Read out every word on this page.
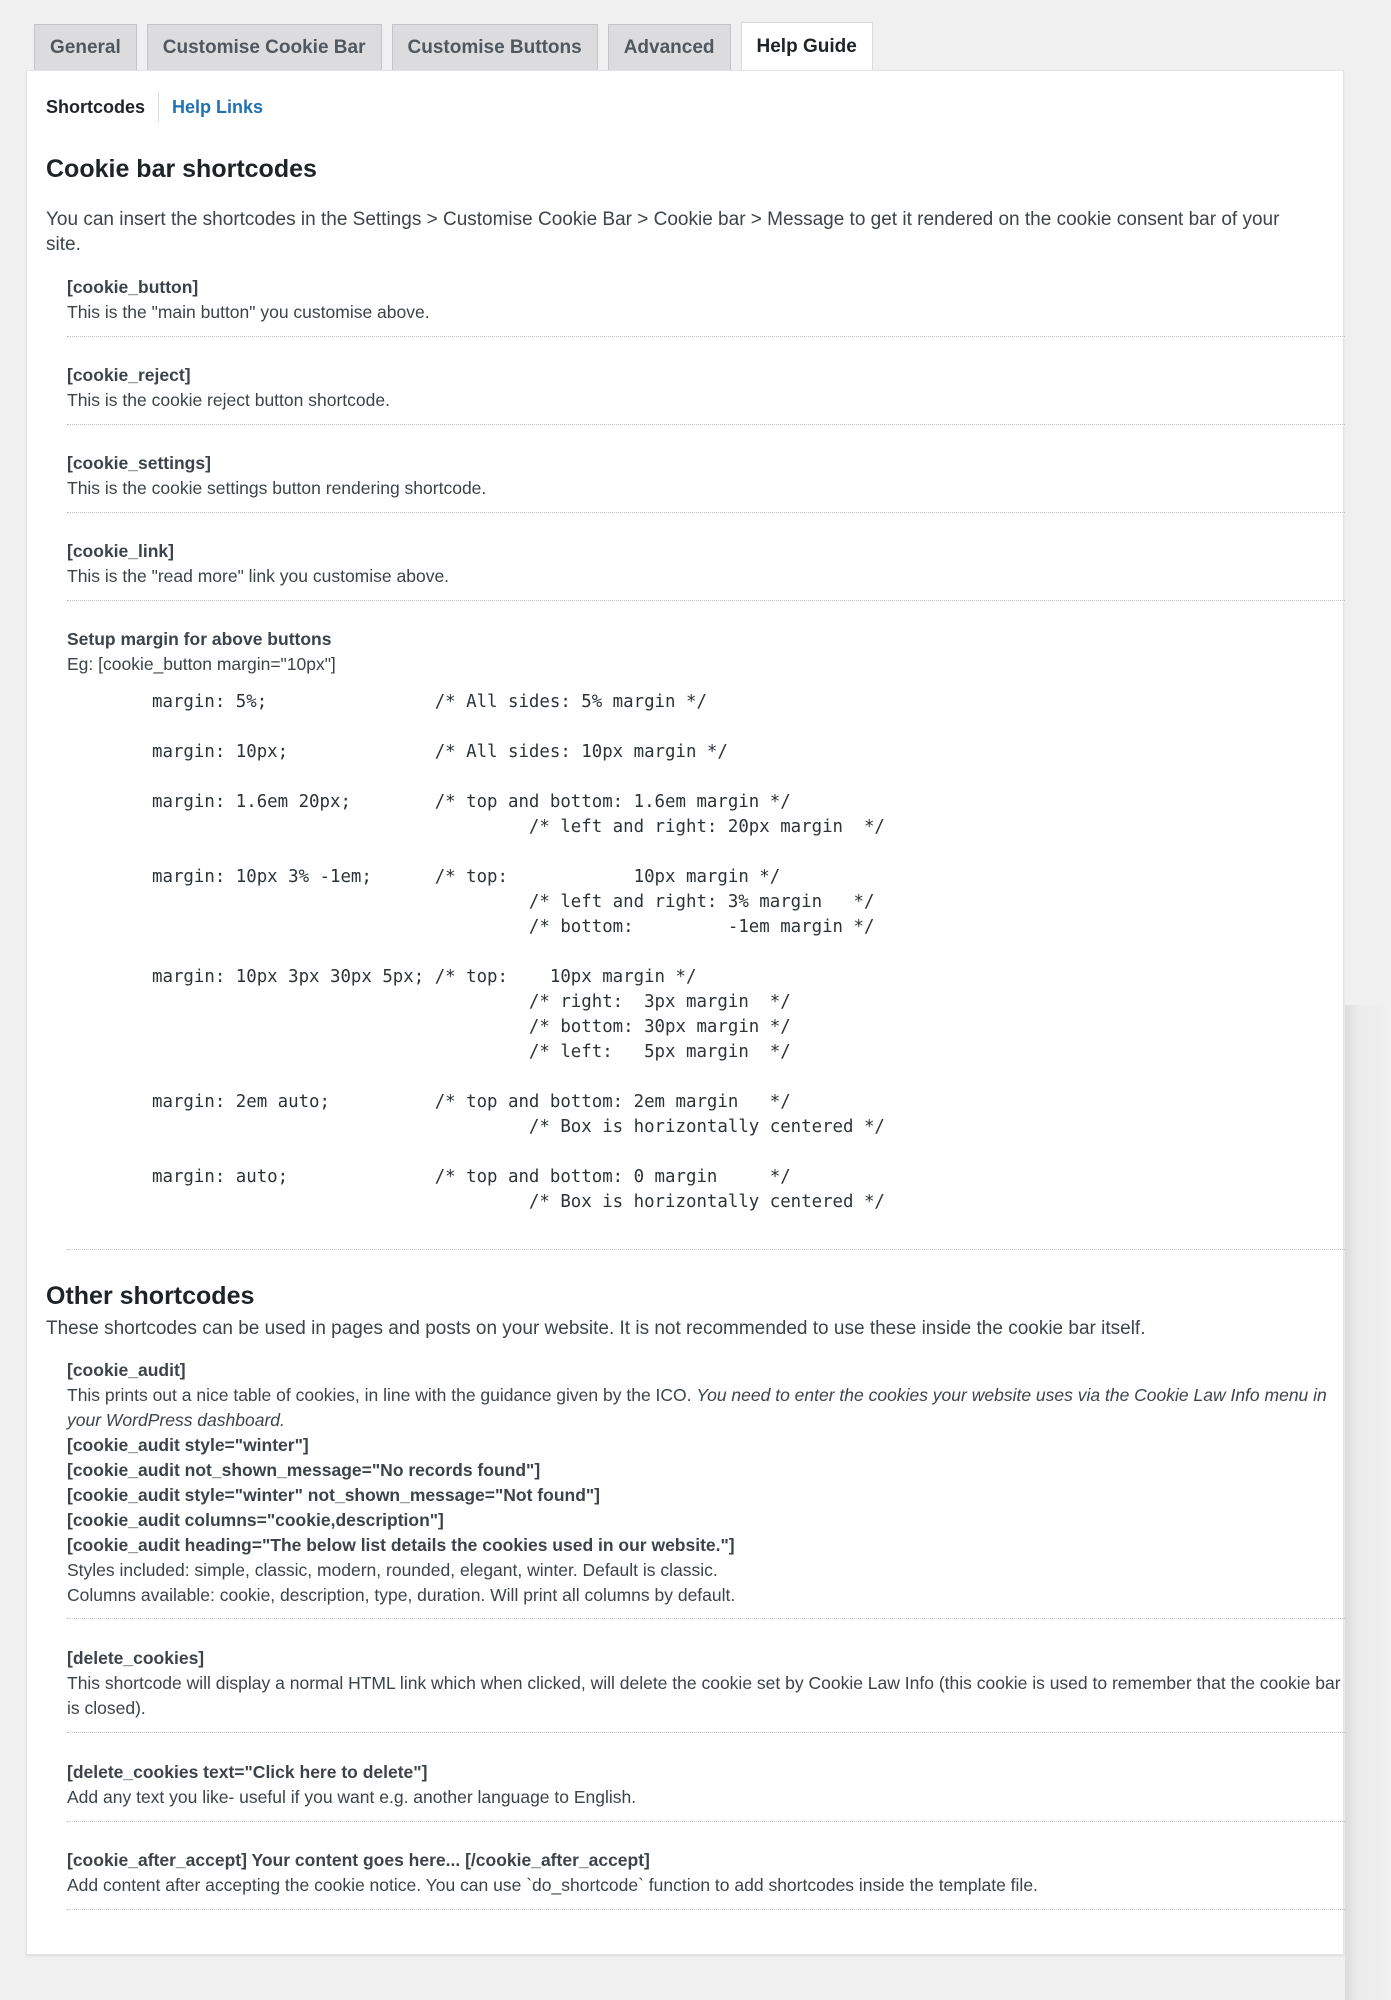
General	Customise Cookie Bar	Customise Buttons	Advanced	Help Guide
Shortcodes	Help Links
Cookie bar shortcodes
You can insert the shortcodes in the Settings > Customise Cookie Bar > Cookie bar > Message to get it rendered on the cookie consent bar of your site.
[cookie_button]
This is the "main button" you customise above.
[cookie_reject]
This is the cookie reject button shortcode.
[cookie_settings]
This is the cookie settings button rendering shortcode.
[cookie_link]
This is the "read more" link you customise above.
Setup margin for above buttons
Eg: [cookie_button margin="10px"]
margin: 5%;                /* All sides: 5% margin */

margin: 10px;              /* All sides: 10px margin */

margin: 1.6em 20px;        /* top and bottom: 1.6em margin */
/* left and right: 20px margin  */

margin: 10px 3% -1em;      /* top:            10px margin */
/* left and right: 3% margin   */
/* bottom:         -1em margin */

margin: 10px 3px 30px 5px; /* top:    10px margin */
/* right:  3px margin  */
/* bottom: 30px margin */
/* left:   5px margin  */

margin: 2em auto;          /* top and bottom: 2em margin   */
/* Box is horizontally centered */

margin: auto;              /* top and bottom: 0 margin     */
/* Box is horizontally centered */
Other shortcodes
These shortcodes can be used in pages and posts on your website. It is not recommended to use these inside the cookie bar itself.
[cookie_audit]
This prints out a nice table of cookies, in line with the guidance given by the ICO. You need to enter the cookies your website uses via the Cookie Law Info menu in your WordPress dashboard.
[cookie_audit style="winter"]
[cookie_audit not_shown_message="No records found"]
[cookie_audit style="winter" not_shown_message="Not found"]
[cookie_audit columns="cookie,description"]
[cookie_audit heading="The below list details the cookies used in our website."]
Styles included: simple, classic, modern, rounded, elegant, winter. Default is classic.
Columns available: cookie, description, type, duration. Will print all columns by default.
[delete_cookies]
This shortcode will display a normal HTML link which when clicked, will delete the cookie set by Cookie Law Info (this cookie is used to remember that the cookie bar is closed).
[delete_cookies text="Click here to delete"]
Add any text you like- useful if you want e.g. another language to English.
[cookie_after_accept] Your content goes here... [/cookie_after_accept]
Add content after accepting the cookie notice. You can use `do_shortcode` function to add shortcodes inside the template file.
